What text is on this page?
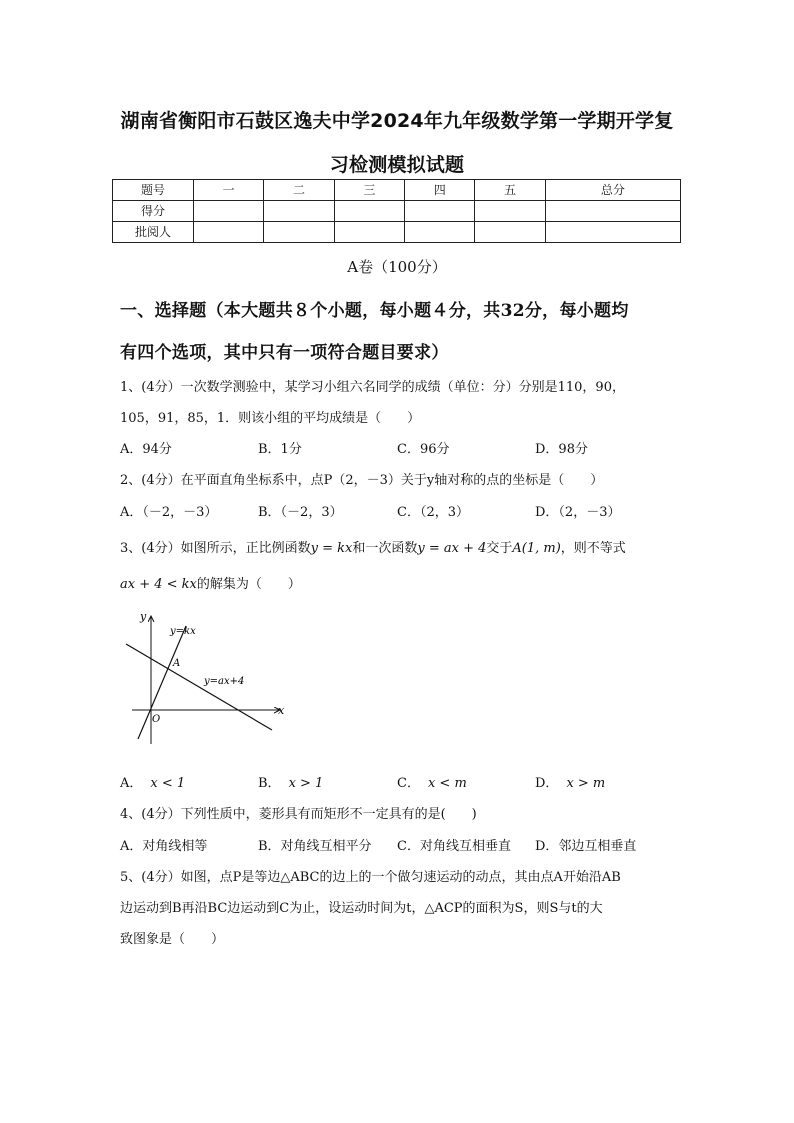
湖南省衡阳市石鼓区逸夫中学2024年九年级数学第一学期开学复
习检测模拟试题
题号	一	二	三	四	五	总分
得分						
批阅人						
A卷（100分）
一、选择题（本大题共８个小题，每小题４分，共32分，每小题均
有四个选项，其中只有一项符合题目要求）
1、(4分）一次数学测验中，某学习小组六名同学的成绩（单位：分）分别是110，90，
105，91，85，1．则该小组的平均成绩是（　　）
A．94分	B．1分	C．96分	D．98分
2、(4分）在平面直角坐标系中，点P（2，－3）关于y轴对称的点的坐标是（　　）
A．（－2，－3）	B．（－2，3）	C．（2，3）	D．（2，－3）
3、(4分）如图所示，正比例函数y = kx和一次函数y = ax + 4交于A(1, m)，则不等式
ax + 4 < kx的解集为（　　）
y
x
O
y=kx
y=ax+4
A
A． x < 1	B． x > 1	C． x < m	D． x > m
4、(4分）下列性质中，菱形具有而矩形不一定具有的是(　　)
A．对角线相等	B．对角线互相平分 C．对角线互相垂直 D．邻边互相垂直
5、(4分）如图，点P是等边△ABC的边上的一个做匀速运动的动点，其由点A开始沿AB
边运动到B再沿BC边运动到C为止，设运动时间为t，△ACP的面积为S，则S与t的大
致图象是（　　）
